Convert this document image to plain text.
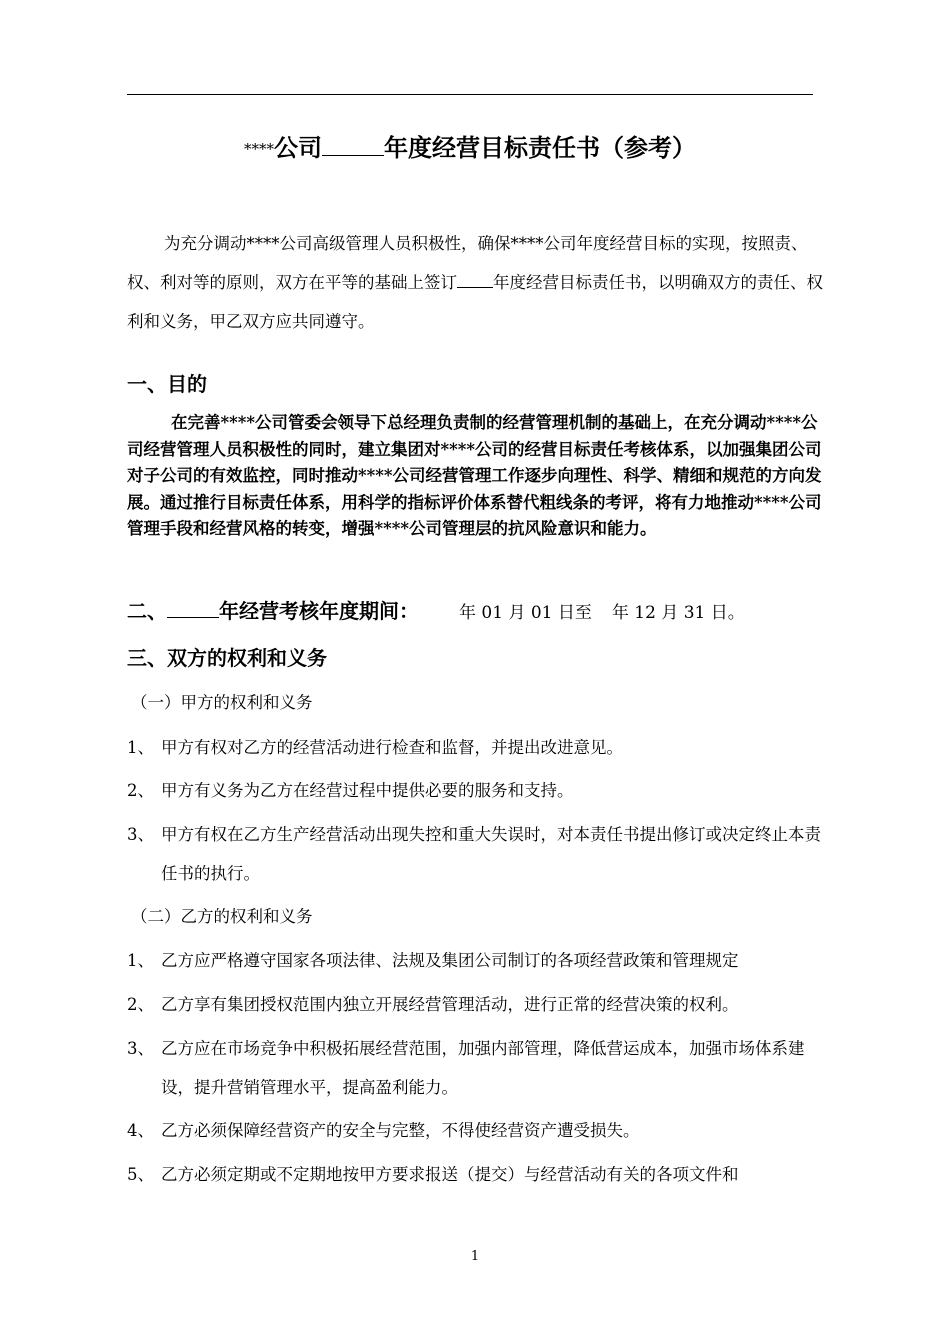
****公司	年度经营目标责任书（参考）

为充分调动****公司高级管理人员积极性，确保****公司年度经营目标的实现，按照责、权、利对等的原则，双方在平等的基础上签订 年度经营目标责任书，以明确双方的责任、权利和义务，甲乙双方应共同遵守。

一、目的

在完善****公司管委会领导下总经理负责制的经营管理机制的基础上，在充分调动****公司经营管理人员积极性的同时，建立集团对****公司的经营目标责任考核体系，以加强集团公司对子公司的有效监控，同时推动****公司经营管理工作逐步向理性、科学、精细和规范的方向发展。通过推行目标责任体系，用科学的指标评价体系替代粗线条的考评，将有力地推动****公司管理手段和经营风格的转变，增强****公司管理层的抗风险意识和能力。

二、	年经营考核年度期间： 年 01 月 01 日至 年 12 月 31 日。
三、双方的权利和义务
（一）甲方的权利和义务
1、 甲方有权对乙方的经营活动进行检查和监督，并提出改进意见。
2、 甲方有义务为乙方在经营过程中提供必要的服务和支持。
3、 甲方有权在乙方生产经营活动出现失控和重大失误时，对本责任书提出修订或决定终止本责任书的执行。
（二）乙方的权利和义务
1、 乙方应严格遵守国家各项法律、法规及集团公司制订的各项经营政策和管理规定
2、 乙方享有集团授权范围内独立开展经营管理活动，进行正常的经营决策的权利。
3、 乙方应在市场竞争中积极拓展经营范围，加强内部管理，降低营运成本，加强市场体系建设，提升营销管理水平，提高盈利能力。
4、 乙方必须保障经营资产的安全与完整，不得使经营资产遭受损失。
5、 乙方必须定期或不定期地按甲方要求报送（提交）与经营活动有关的各项文件和
1
